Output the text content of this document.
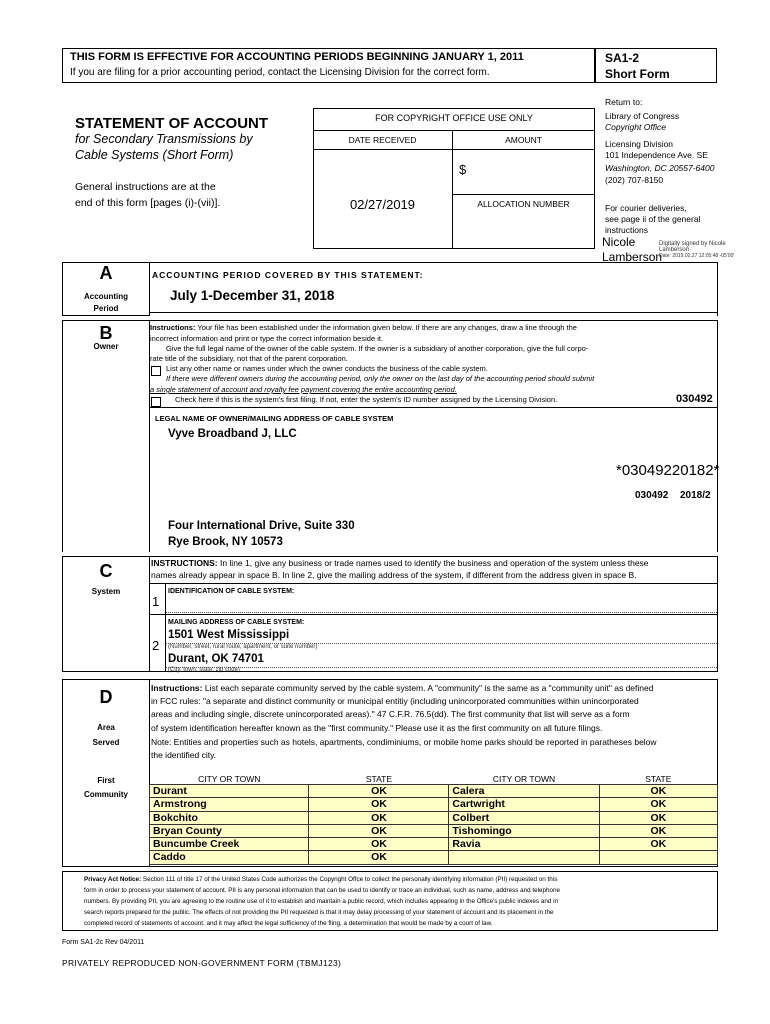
THIS FORM IS EFFECTIVE FOR ACCOUNTING PERIODS BEGINNING JANUARY 1, 2011
If you are filing for a prior accounting period, contact the Licensing Division for the correct form.
SA1-2
Short Form
STATEMENT OF ACCOUNT
for Secondary Transmissions by
Cable Systems (Short Form)
General instructions are at the
end of this form [pages (i)-(vii)].
FOR COPYRIGHT OFFICE USE ONLY
DATE RECEIVED	AMOUNT
$
ALLOCATION NUMBER
02/27/2019
Return to:
Library of Congress
Copyright Office
Licensing Division
101 Independence Ave. SE
Washington, DC 20557-6400
(202) 707-8150
For courier deliveries,
see page ii of the general
instructions
Nicole
Lamberson
Digitally signed by Nicole
Lamberson
Date: 2019.02.27 12:05:48 -05'00'
A
Accounting
Period
ACCOUNTING PERIOD COVERED BY THIS STATEMENT:
July 1-December 31, 2018
B
Owner
Instructions: Your file has been established under the information given below. If there are any changes, draw a line through the
incorrect information and print or type the correct information beside it.
Give the full legal name of the owner of the cable system. If the owner is a subsidiary of another corporation, give the full corpo-
rate title of the subsidiary, not that of the parent corporation.
List any other name or names under which the owner conducts the business of the cable system.
If there were different owners during the accounting period, only the owner on the last day of the accounting period should submit
a single statement of account and royalty fee payment covering the entire accounting period.
Check here if this is the system's first filing. If not, enter the system's ID number assigned by the Licensing Division.	030492
LEGAL NAME OF OWNER/MAILING ADDRESS OF CABLE SYSTEM
Vyve Broadband J, LLC
*03049220182*
030492 2018/2
Four International Drive, Suite 330
Rye Brook, NY 10573
C
System
INSTRUCTIONS: In line 1, give any business or trade names used to identify the business and operation of the system unless these
names already appear in space B. In line 2, give the mailing address of the system, if different from the address given in space B.
1
IDENTIFICATION OF CABLE SYSTEM:
MAILING ADDRESS OF CABLE SYSTEM:
2
1501 West Mississippi
(Number, street, rural route, apartment, or suite number)
Durant, OK 74701
(City, town, state, zip code)
D
Area
Served
First
Community
Instructions: List each separate community served by the cable system. A "community" is the same as a "community unit" as defined
in FCC rules: "a separate and distinct community or municipal entitiy (including unincorporated communities within unincorporated
areas and including single, discrete unincorporated areas)." 47 C.F.R. 76.5(dd). The first community that list will serve as a form
of system identification hereafter known as the "first community." Please use it as the first community on all future filings.
Note: Entities and properties such as hotels, apartments, condiminiums, or mobile home parks should be reported in paratheses below
the identified city.
CITY OR TOWN	STATE	CITY OR TOWN	STATE
Durant	OK	Calera	OK
Armstrong	OK	Cartwright	OK
Bokchito	OK	Colbert	OK
Bryan County	OK	Tishomingo	OK
Buncumbe Creek	OK	Ravia	OK
Caddo	OK		
Privacy Act Notice: Section 111 of title 17 of the United States Code authorizes the Copyright Offce to collect the personally identifying information (PII) requested on this
form in order to process your statement of account. PII is any personal information that can be used to identify or trace an individual, such as name, address and telephone
numbers. By providing PII, you are agreeing to the routine use of it to establish and maintain a public record, which includes appearing in the Office's public indexes and in
search reports prepared for the public. The effects of not providing the PII requested is that it may delay processing of your statement of account and its placement in the
completed record of statements of account, and it may affect the legal sufficiency of the fling, a determination that would be made by a court of law.
Form SA1-2c Rev 04/2011
PRIVATELY REPRODUCED NON-GOVERNMENT FORM (TBMJ123)
